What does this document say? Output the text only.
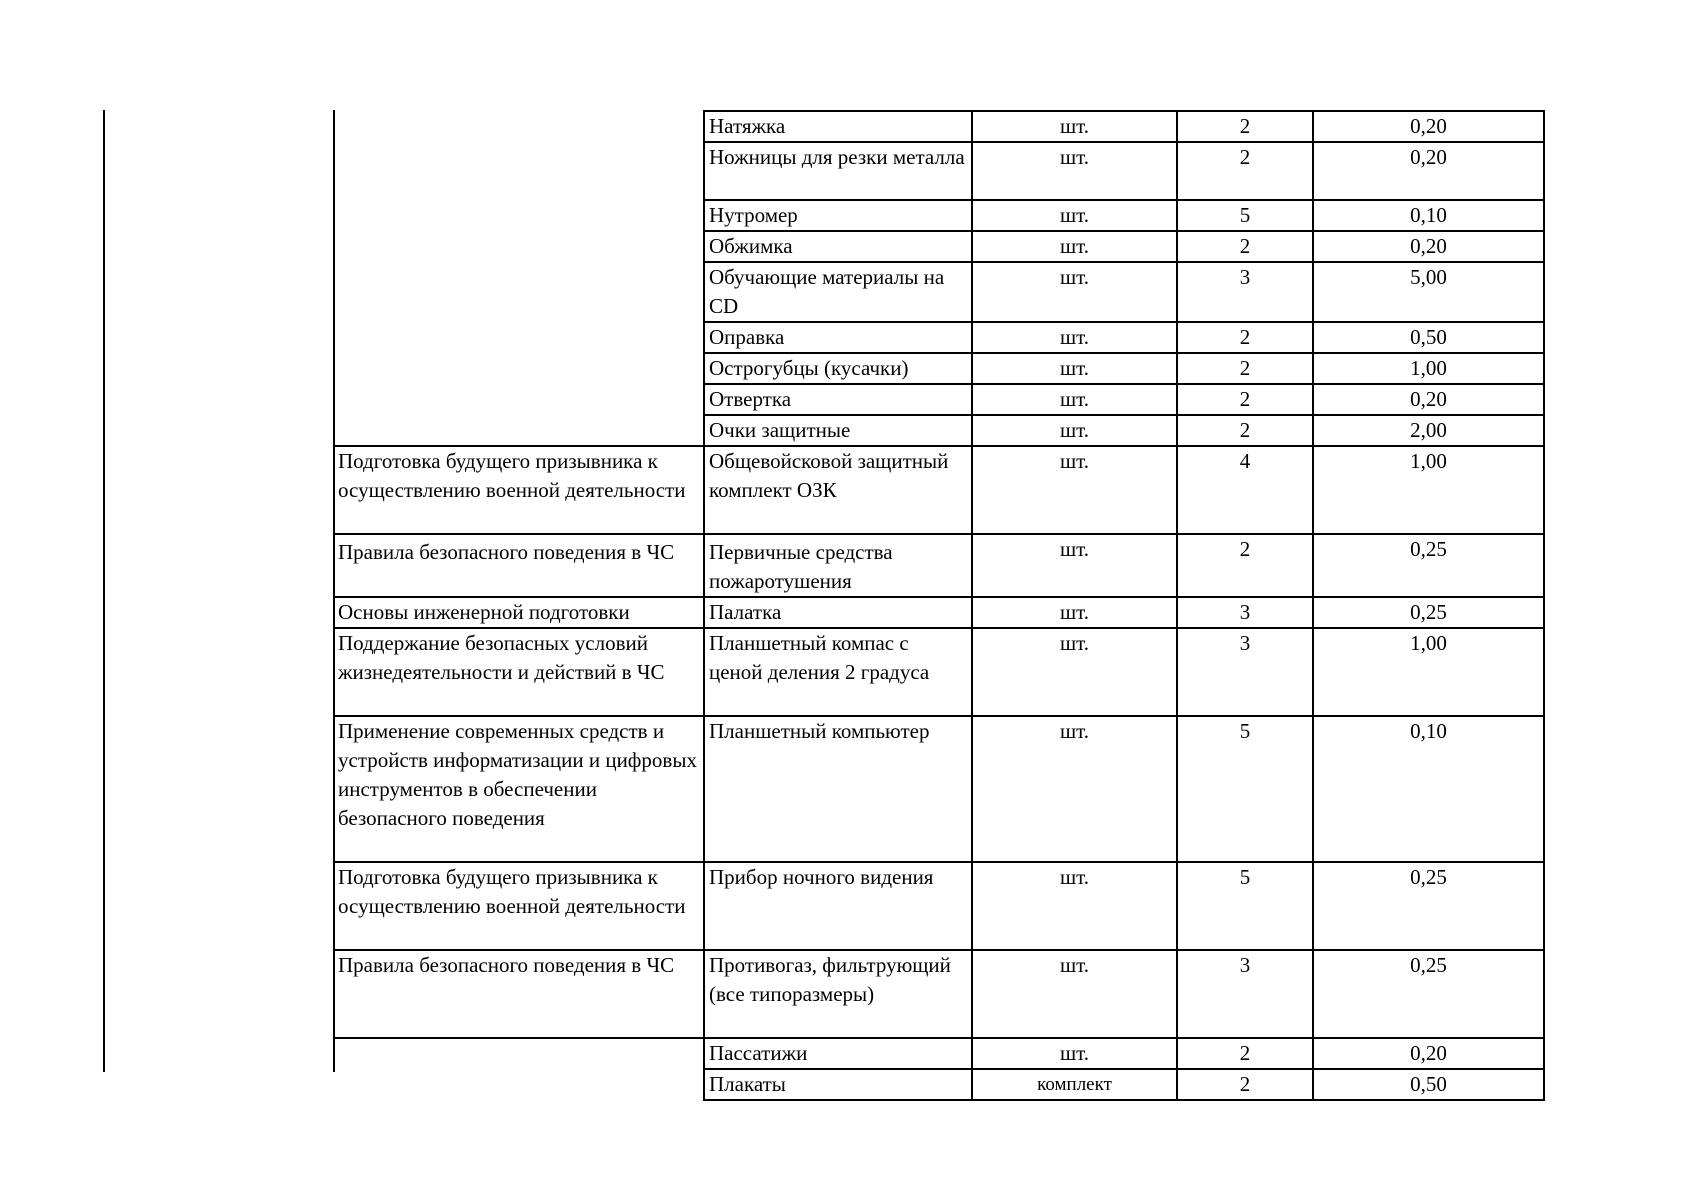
	Натяжка	шт.	2	0,20
	Ножницы для резки металла	шт.	2	0,20
	Нутромер	шт.	5	0,10
	Обжимка	шт.	2	0,20
	Обучающие материалы на CD	шт.	3	5,00
	Оправка	шт.	2	0,50
	Острогубцы (кусачки)	шт.	2	1,00
	Отвертка	шт.	2	0,20
	Очки защитные	шт.	2	2,00
Подготовка будущего призывника к осуществлению военной деятельности	Общевойсковой защитный комплект ОЗК	шт.	4	1,00
Правила безопасного поведения в ЧС	Первичные средства пожаротушения	шт.	2	0,25
Основы инженерной подготовки	Палатка	шт.	3	0,25
Поддержание безопасных условий жизнедеятельности и действий в ЧС	Планшетный компас с ценой деления 2 градуса	шт.	3	1,00
Применение современных средств и устройств информатизации и цифровых инструментов в обеспечении безопасного поведения	Планшетный компьютер	шт.	5	0,10
Подготовка будущего призывника к осуществлению военной деятельности	Прибор ночного видения	шт.	5	0,25
Правила безопасного поведения в ЧС	Противогаз, фильтрующий (все типоразмеры)	шт.	3	0,25
	Пассатижи	шт.	2	0,20
	Плакаты	комплект	2	0,50
